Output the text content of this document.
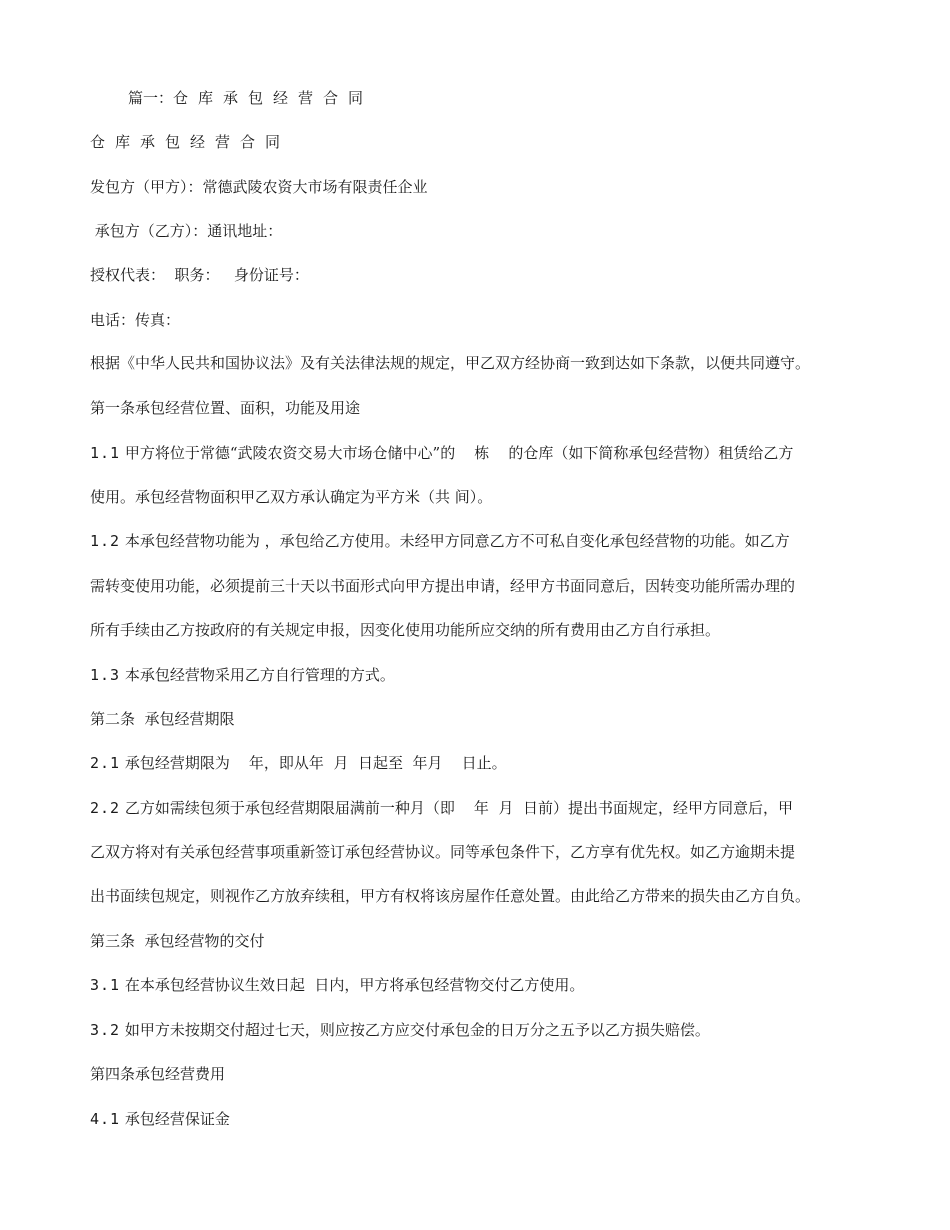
篇一：仓库承包经营合同
仓库承包经营合同
发包方（甲方）：常德武陵农资大市场有限责任企业
承包方（乙方）：通讯地址：
授权代表：  职务：   身份证号：
电话：传真：
根据《中华人民共和国协议法》及有关法律法规的规定，甲乙双方经协商一致到达如下条款，以便共同遵守。
第一条承包经营位置、面积，功能及用途
1.1 甲方将位于常德“武陵农资交易大市场仓储中心”的    栋    的仓库（如下简称承包经营物）租赁给乙方
使用。承包经营物面积甲乙双方承认确定为平方米（共 间）。
1.2 本承包经营物功能为 ，承包给乙方使用。未经甲方同意乙方不可私自变化承包经营物的功能。如乙方
需转变使用功能，必须提前三十天以书面形式向甲方提出申请，经甲方书面同意后，因转变功能所需办理的
所有手续由乙方按政府的有关规定申报，因变化使用功能所应交纳的所有费用由乙方自行承担。
1.3 本承包经营物采用乙方自行管理的方式。
第二条  承包经营期限
2.1 承包经营期限为    年，即从年  月  日起至  年月    日止。
2.2 乙方如需续包须于承包经营期限届满前一种月（即    年  月  日前）提出书面规定，经甲方同意后，甲
乙双方将对有关承包经营事项重新签订承包经营协议。同等承包条件下，乙方享有优先权。如乙方逾期未提
出书面续包规定，则视作乙方放弃续租，甲方有权将该房屋作任意处置。由此给乙方带来的损失由乙方自负。
第三条  承包经营物的交付
3.1 在本承包经营协议生效日起  日内，甲方将承包经营物交付乙方使用。
3.2 如甲方未按期交付超过七天，则应按乙方应交付承包金的日万分之五予以乙方损失赔偿。
第四条承包经营费用
4.1 承包经营保证金
